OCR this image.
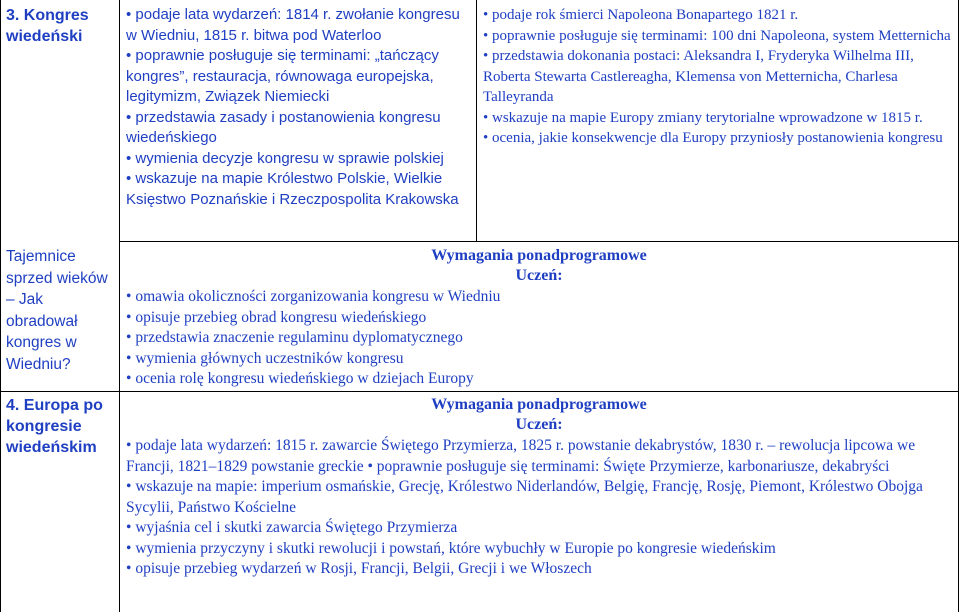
3. Kongres wiedeński
Tajemnice sprzed wieków – Jak obradował kongres w Wiedniu?
4. Europa po kongresie wiedeńskim

• podaje lata wydarzeń: 1814 r. zwołanie kongresu w Wiedniu, 1815 r. bitwa pod Waterloo

• poprawnie posługuje się terminami: „tańczący kongres”, restauracja, równowaga europejska, legitymizm, Związek Niemiecki

• przedstawia zasady i postanowienia kongresu wiedeńskiego

• wymienia decyzje kongresu w sprawie polskiej

• wskazuje na mapie Królestwo Polskie, Wielkie Księstwo Poznańskie i Rzeczpospolita Krakowska

• podaje rok śmierci Napoleona Bonapartego 1821 r.

• poprawnie posługuje się terminami: 100 dni Napoleona, system Metternicha

• przedstawia dokonania postaci: Aleksandra I, Fryderyka Wilhelma III, Roberta Stewarta Castlereagha, Klemensa von Metternicha, Charlesa Talleyranda

• wskazuje na mapie Europy zmiany terytorialne wprowadzone w 1815 r.

• ocenia, jakie konsekwencje dla Europy przyniosły postanowienia kongresu

Wymagania ponadprogramowe
Uczeń:

• omawia okoliczności zorganizowania kongresu w Wiedniu

• opisuje przebieg obrad kongresu wiedeńskiego

• przedstawia znaczenie regulaminu dyplomatycznego

• wymienia głównych uczestników kongresu

• ocenia rolę kongresu wiedeńskiego w dziejach Europy

Wymagania ponadprogramowe
Uczeń:

• podaje lata wydarzeń: 1815 r. zawarcie Świętego Przymierza, 1825 r. powstanie dekabrystów, 1830 r. – rewolucja lipcowa we Francji, 1821‒1829 powstanie greckie • poprawnie posługuje się terminami: Święte Przymierze, karbonariusze, dekabryści

• wskazuje na mapie: imperium osmańskie, Grecję, Królestwo Niderlandów, Belgię, Francję, Rosję, Piemont, Królestwo Obojga Sycylii, Państwo Kościelne

• wyjaśnia cel i skutki zawarcia Świętego Przymierza

• wymienia przyczyny i skutki rewolucji i powstań, które wybuchły w Europie po kongresie wiedeńskim

• opisuje przebieg wydarzeń w Rosji, Francji, Belgii, Grecji i we Włoszech
